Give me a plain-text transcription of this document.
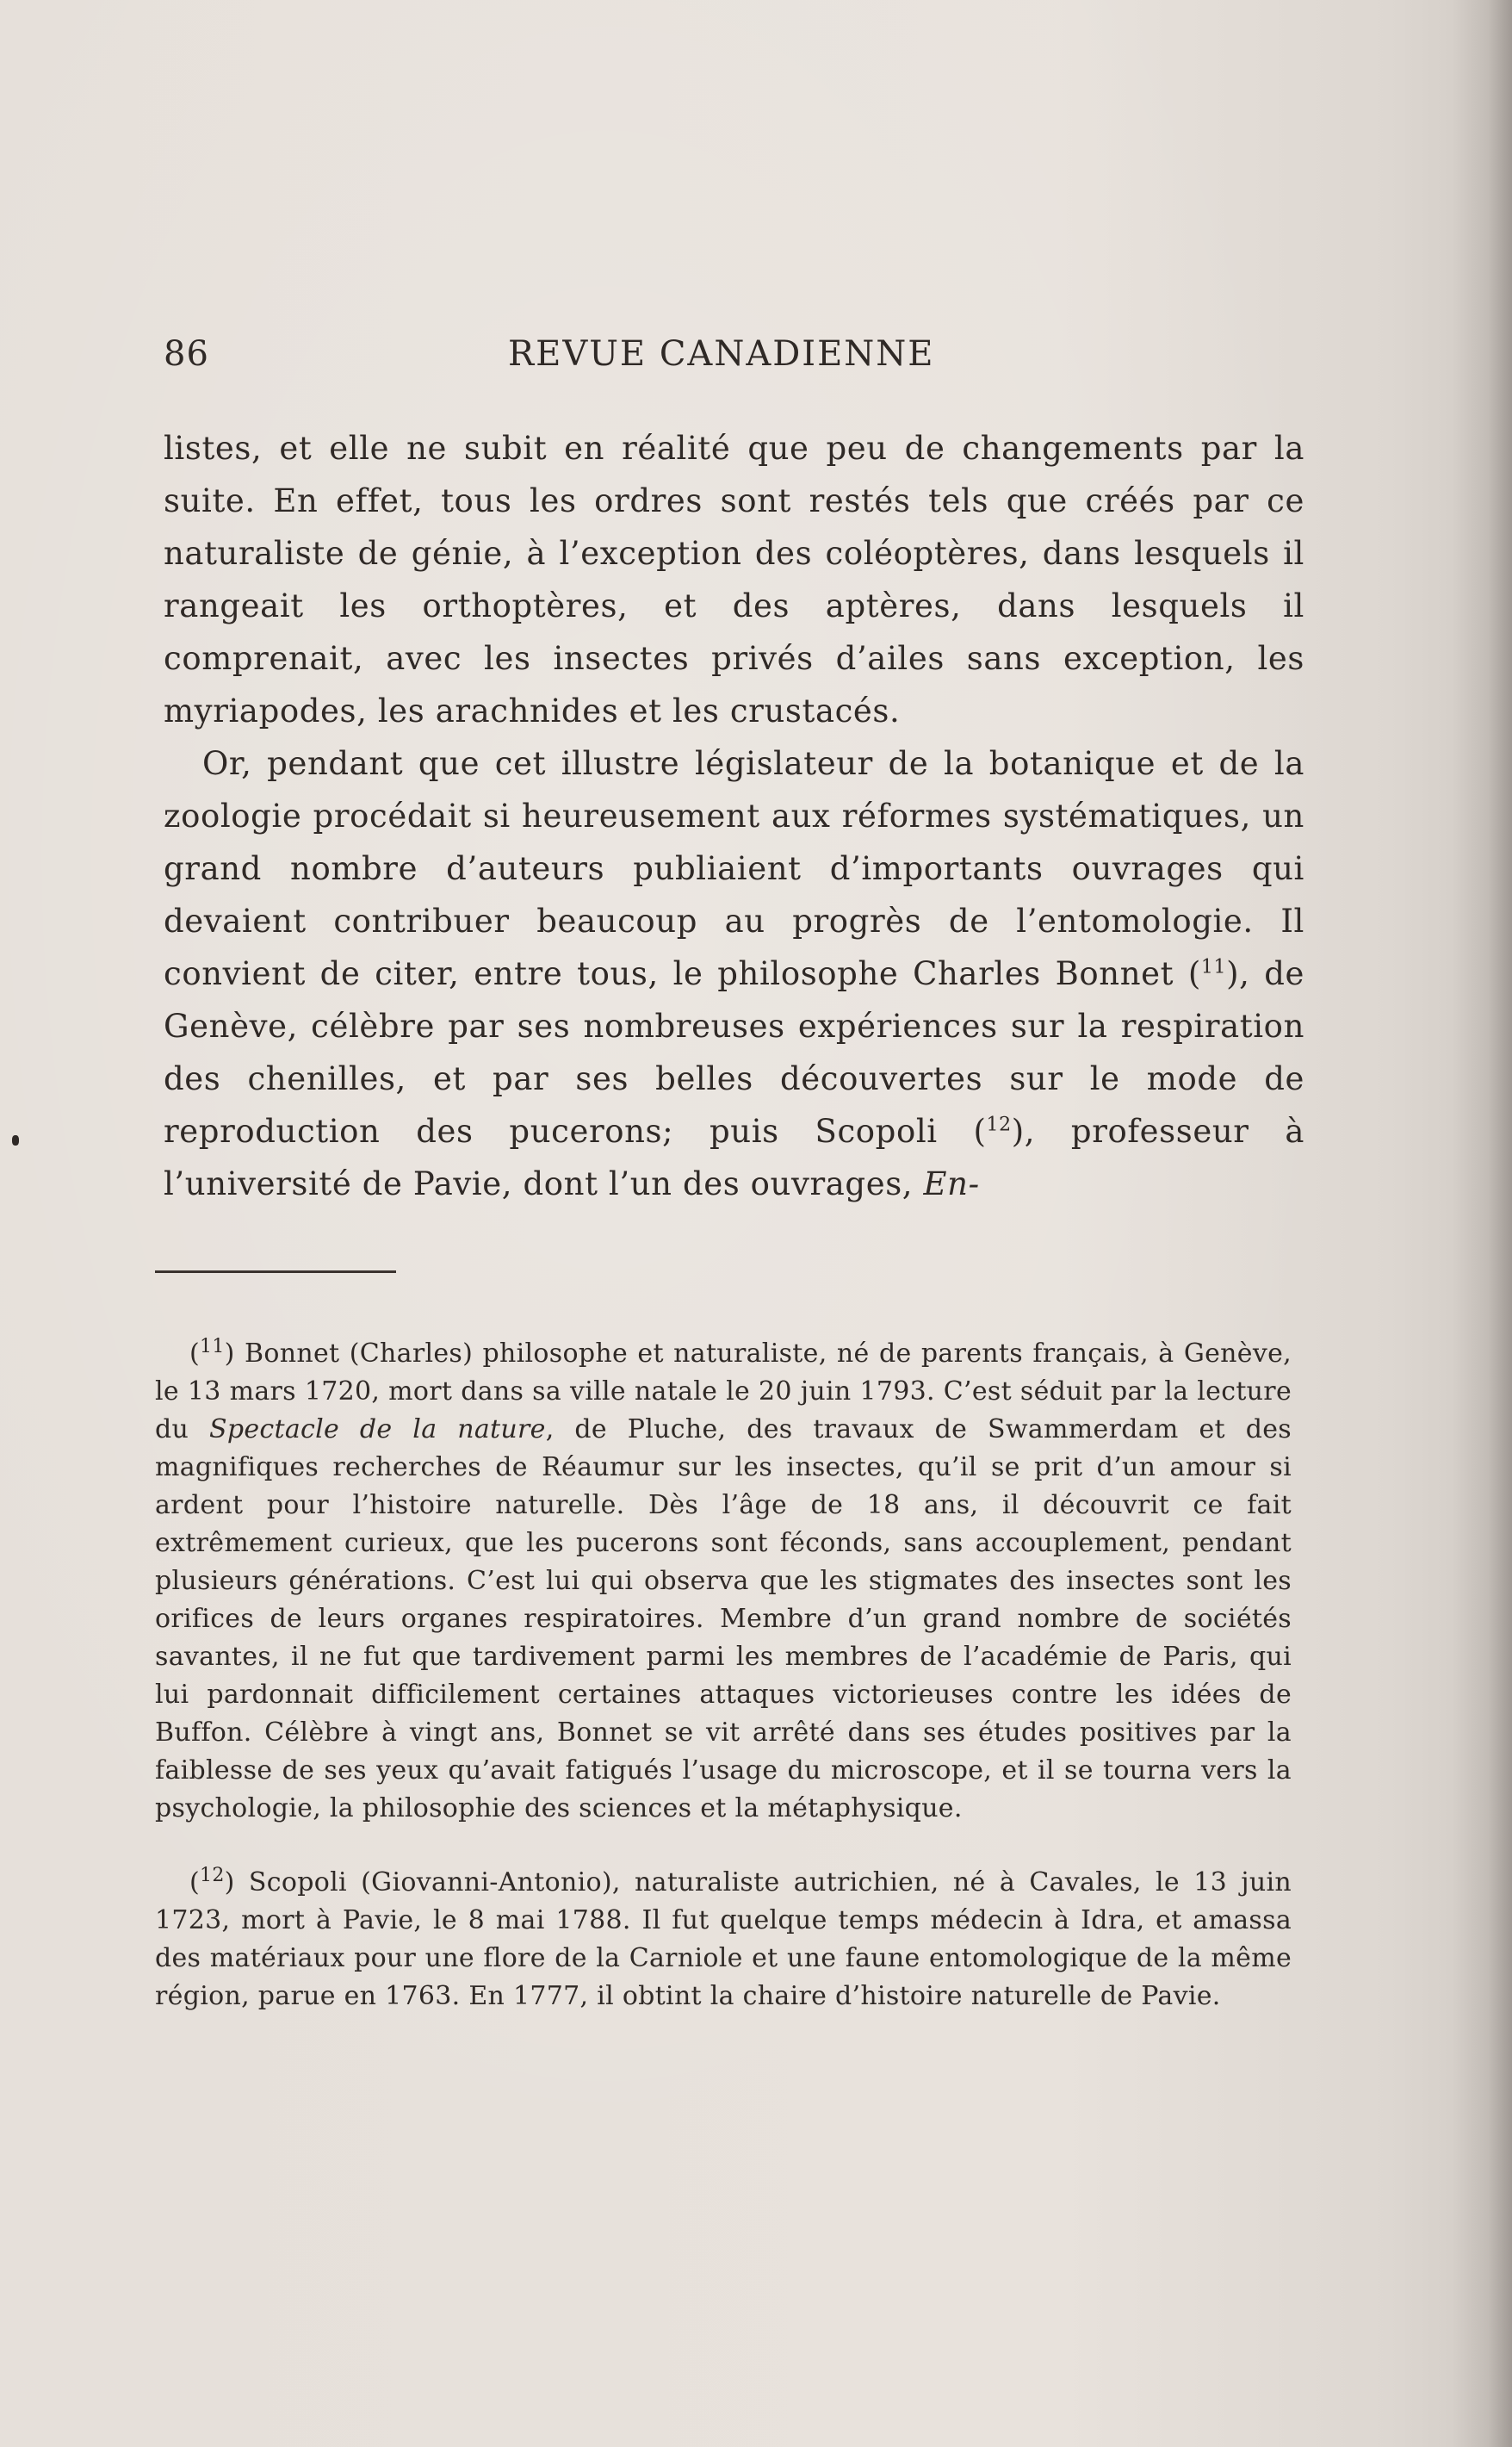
86	REVUE CANADIENNE

listes, et elle ne subit en réalité que peu de changements par la suite. En effet, tous les ordres sont restés tels que créés par ce naturaliste de génie, à l’exception des coléoptères, dans lesquels il rangeait les orthoptères, et des aptères, dans lesquels il comprenait, avec les insectes privés d’ailes sans exception, les myriapodes, les arachnides et les crustacés.

Or, pendant que cet illustre législateur de la botanique et de la zoologie procédait si heureusement aux réformes systématiques, un grand nombre d’auteurs publiaient d’importants ouvrages qui devaient contribuer beaucoup au progrès de l’entomologie. Il convient de citer, entre tous, le philosophe Charles Bonnet ($^{11}$), de Genève, célèbre par ses nombreuses expériences sur la respiration des chenilles, et par ses belles découvertes sur le mode de reproduction des pucerons; puis Scopoli ($^{12}$), professeur à l’université de Pavie, dont l’un des ouvrages, En-

($^{11}$) Bonnet (Charles) philosophe et naturaliste, né de parents français, à Genève, le 13 mars 1720, mort dans sa ville natale le 20 juin 1793. C’est séduit par la lecture du Spectacle de la nature, de Pluche, des travaux de Swammerdam et des magnifiques recherches de Réaumur sur les insectes, qu’il se prit d’un amour si ardent pour l’histoire naturelle. Dès l’âge de 18 ans, il découvrit ce fait extrêmement curieux, que les pucerons sont féconds, sans accouplement, pendant plusieurs générations. C’est lui qui observa que les stigmates des insectes sont les orifices de leurs organes respiratoires. Membre d’un grand nombre de sociétés savantes, il ne fut que tardivement parmi les membres de l’académie de Paris, qui lui pardonnait difficilement certaines attaques victorieuses contre les idées de Buffon. Célèbre à vingt ans, Bonnet se vit arrêté dans ses études positives par la faiblesse de ses yeux qu’avait fatigués l’usage du microscope, et il se tourna vers la psychologie, la philosophie des sciences et la métaphysique.

($^{12}$) Scopoli (Giovanni-Antonio), naturaliste autrichien, né à Cavales, le 13 juin 1723, mort à Pavie, le 8 mai 1788. Il fut quelque temps médecin à Idra, et amassa des matériaux pour une flore de la Carniole et une faune entomologique de la même région, parue en 1763. En 1777, il obtint la chaire d’histoire naturelle de Pavie.
